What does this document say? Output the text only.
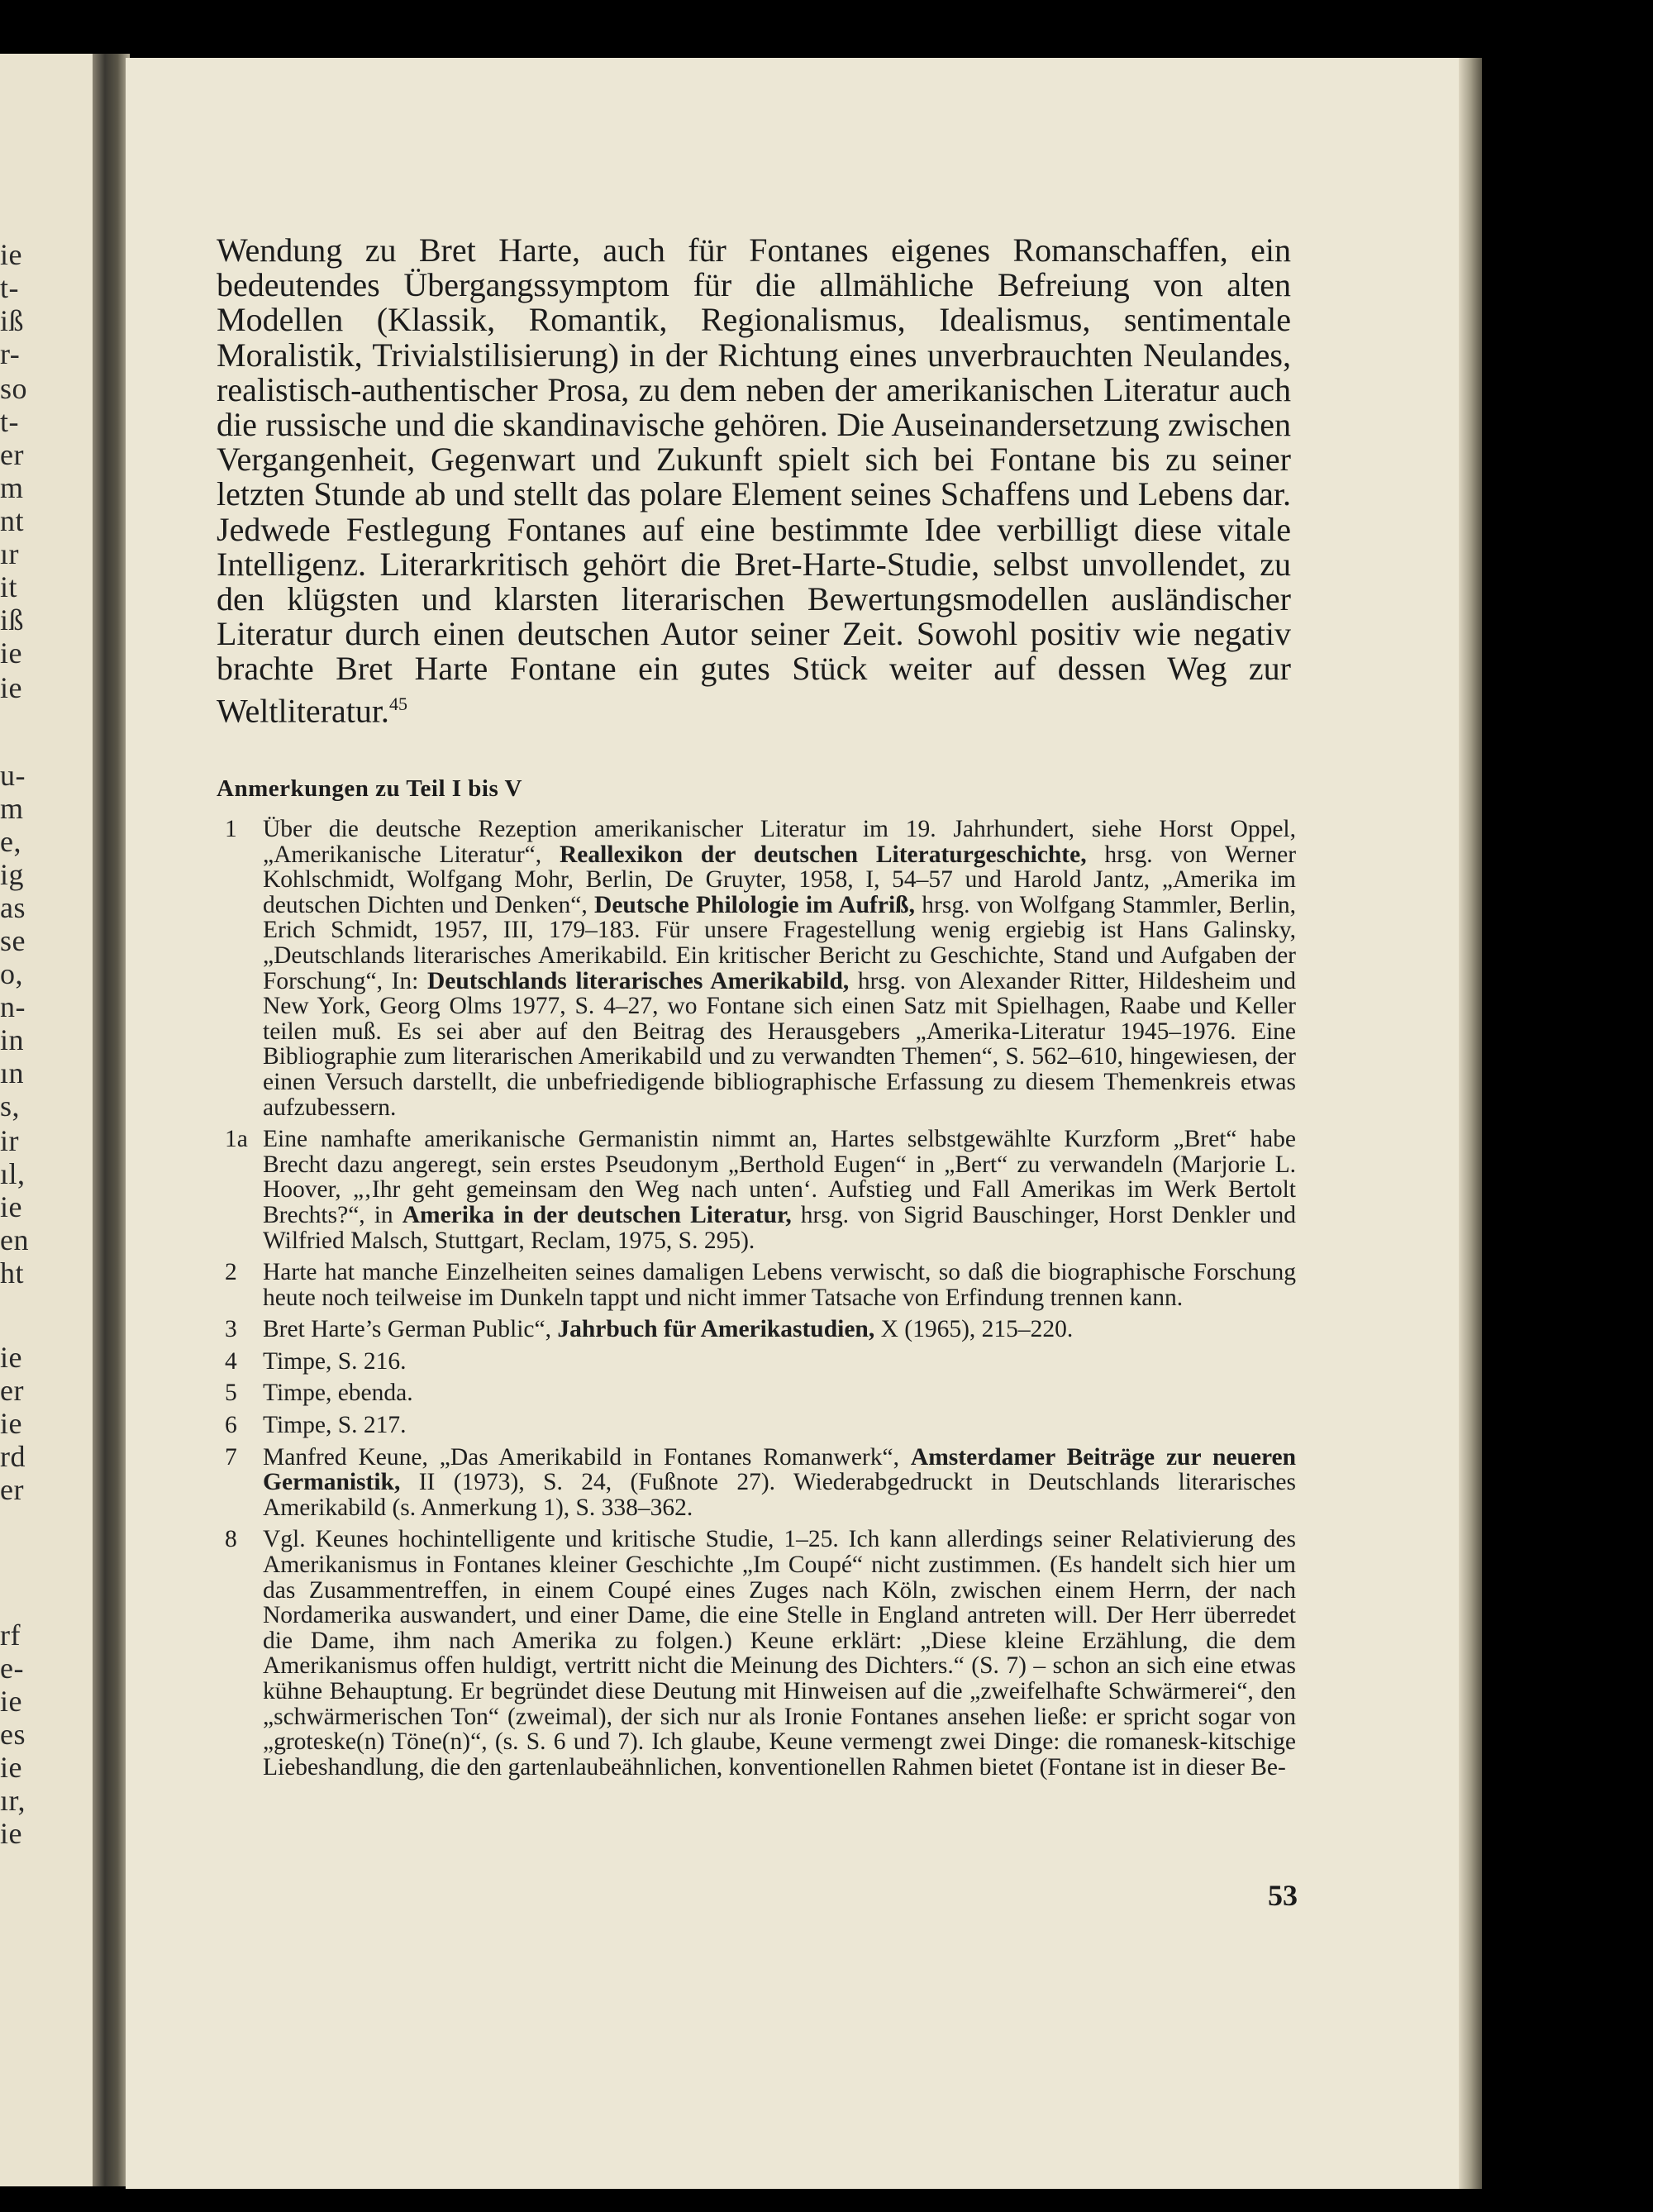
ie
t-
iß
r-
so
t-
er
m
nt
ır
it
iß
ie
ie
u-
m
e,
ig
as
se
o,
n-
in
ın
s,
ir
ıl,
ie
en
ht
ie
er
ie
rd
er
rf
e-
ie
es
ie
ır,
ie
Wendung zu Bret Harte, auch für Fontanes eigenes Romanschaffen, ein bedeutendes Übergangssymptom für die allmähliche Befreiung von alten Modellen (Klassik, Romantik, Regionalismus, Idealismus, sentimentale Moralistik, Trivialstilisierung) in der Richtung eines unverbrauchten Neulandes, realistisch-authentischer Prosa, zu dem neben der amerikanischen Literatur auch die russische und die skandinavische gehören. Die Auseinandersetzung zwischen Vergangenheit, Gegenwart und Zukunft spielt sich bei Fontane bis zu seiner letzten Stunde ab und stellt das polare Element seines Schaffens und Lebens dar. Jedwede Festlegung Fontanes auf eine bestimmte Idee verbilligt diese vitale Intelligenz. Literarkritisch gehört die Bret-Harte-Studie, selbst unvollendet, zu den klügsten und klarsten literarischen Bewertungsmodellen ausländischer Literatur durch einen deutschen Autor seiner Zeit. Sowohl positiv wie negativ brachte Bret Harte Fontane ein gutes Stück weiter auf dessen Weg zur Weltliteratur.$^{45}$
Anmerkungen zu Teil I bis V
1	Über die deutsche Rezeption amerikanischer Literatur im 19. Jahrhundert, siehe Horst Oppel, „Amerikanische Literatur“, Reallexikon der deutschen Literaturgeschichte, hrsg. von Werner Kohlschmidt, Wolfgang Mohr, Berlin, De Gruyter, 1958, I, 54–57 und Harold Jantz, „Amerika im deutschen Dichten und Denken“, Deutsche Philologie im Aufriß, hrsg. von Wolfgang Stammler, Berlin, Erich Schmidt, 1957, III, 179–183. Für unsere Fragestellung wenig ergiebig ist Hans Galinsky, „Deutschlands literarisches Amerikabild. Ein kritischer Bericht zu Geschichte, Stand und Aufgaben der Forschung“, In: Deutschlands literarisches Amerikabild, hrsg. von Alexander Ritter, Hildesheim und New York, Georg Olms 1977, S. 4–27, wo Fontane sich einen Satz mit Spielhagen, Raabe und Keller teilen muß. Es sei aber auf den Beitrag des Herausgebers „Amerika-Literatur 1945–1976. Eine Bibliographie zum literarischen Amerikabild und zu verwandten Themen“, S. 562–610, hingewiesen, der einen Versuch darstellt, die unbefriedigende bibliographische Erfassung zu diesem Themenkreis etwas aufzubessern.
1a Eine namhafte amerikanische Germanistin nimmt an, Hartes selbstgewählte Kurzform „Bret“ habe Brecht dazu angeregt, sein erstes Pseudonym „Berthold Eugen“ in „Bert“ zu verwandeln (Marjorie L. Hoover, „‚Ihr geht gemeinsam den Weg nach unten‘. Aufstieg und Fall Amerikas im Werk Bertolt Brechts?“, in Amerika in der deutschen Literatur, hrsg. von Sigrid Bauschinger, Horst Denkler und Wilfried Malsch, Stuttgart, Reclam, 1975, S. 295).
2	Harte hat manche Einzelheiten seines damaligen Lebens verwischt, so daß die biographische Forschung heute noch teilweise im Dunkeln tappt und nicht immer Tatsache von Erfindung trennen kann.
3	Bret Harte’s German Public“, Jahrbuch für Amerikastudien, X (1965), 215–220.
4	Timpe, S. 216.
5	Timpe, ebenda.
6	Timpe, S. 217.
7	Manfred Keune, „Das Amerikabild in Fontanes Romanwerk“, Amsterdamer Beiträge zur neueren Germanistik, II (1973), S. 24, (Fußnote 27). Wiederabgedruckt in Deutschlands literarisches Amerikabild (s. Anmerkung 1), S. 338–362.
8	Vgl. Keunes hochintelligente und kritische Studie, 1–25. Ich kann allerdings seiner Relativierung des Amerikanismus in Fontanes kleiner Geschichte „Im Coupé“ nicht zustimmen. (Es handelt sich hier um das Zusammentreffen, in einem Coupé eines Zuges nach Köln, zwischen einem Herrn, der nach Nordamerika auswandert, und einer Dame, die eine Stelle in England antreten will. Der Herr überredet die Dame, ihm nach Amerika zu folgen.) Keune erklärt: „Diese kleine Erzählung, die dem Amerikanismus offen huldigt, vertritt nicht die Meinung des Dichters.“ (S. 7) – schon an sich eine etwas kühne Behauptung. Er begründet diese Deutung mit Hinweisen auf die „zweifelhafte Schwärmerei“, den „schwärmerischen Ton“ (zweimal), der sich nur als Ironie Fontanes ansehen ließe: er spricht sogar von „groteske(n) Töne(n)“, (s. S. 6 und 7). Ich glaube, Keune vermengt zwei Dinge: die romanesk-kitschige Liebeshandlung, die den gartenlaubeähnlichen, konventionellen Rahmen bietet (Fontane ist in dieser Be-
53
